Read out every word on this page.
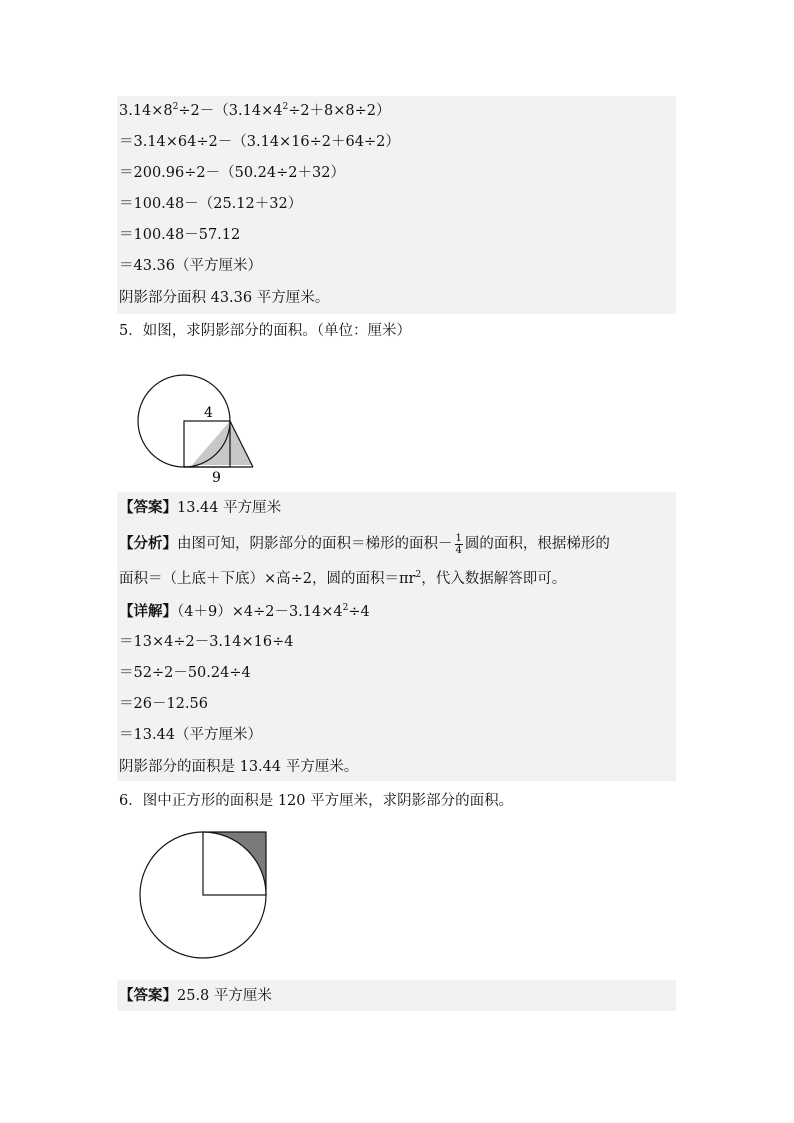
$3.14\times 8^2\div 2-(3.14\times 4^2\div 2+8\times 8\div 2)$
＝3.14×64÷2－（3.14×16÷2＋64÷2）
＝200.96÷2－（50.24÷2＋32）
＝100.48－（25.12＋32）
＝100.48－57.12
＝43.36（平方厘米）
阴影部分面积 43.36 平方厘米。
5．如图，求阴影部分的面积。（单位：厘米）
4
9
【答案】13.44 平方厘米
【分析】由图可知，阴影部分的面积＝梯形的面积－ $\frac{1}{4}$ 圆的面积，根据梯形的
面积＝（上底＋下底）×高÷2，圆的面积$=\pi r^2$，代入数据解答即可。
【详解】$(4+9)\times 4\div 2-3.14\times 4^2\div 4$
＝13×4÷2－3.14×16÷4
＝52÷2－50.24÷4
＝26－12.56
＝13.44（平方厘米）
阴影部分的面积是 13.44 平方厘米。
6．图中正方形的面积是 120 平方厘米，求阴影部分的面积。
【答案】25.8 平方厘米
